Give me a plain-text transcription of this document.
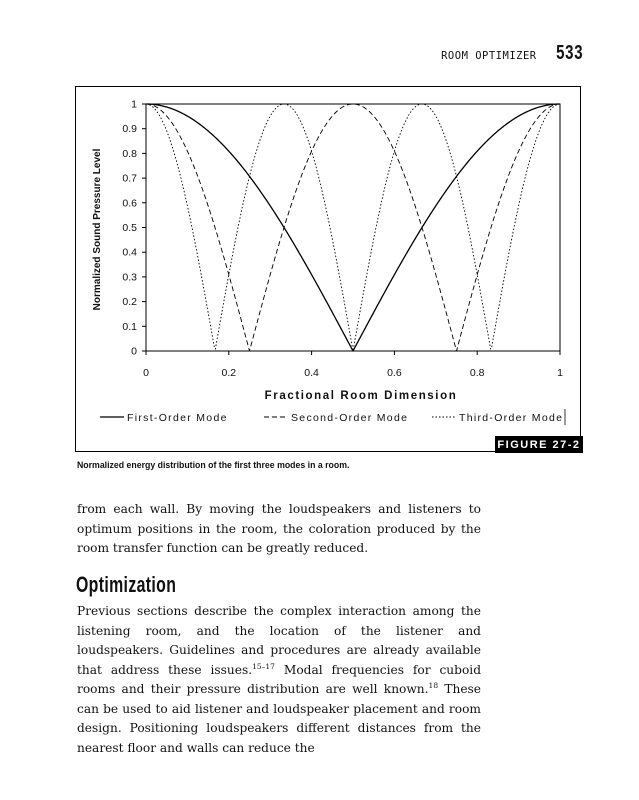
ROOM OPTIMIZER 533
0
0.1
0.2
0.3
0.4
0.5
0.6
0.7
0.8
0.9
1
0	0.2	0.4	0.6	0.8	1
Fractional Room Dimension
Normalized Sound Pressure Level
First-Order Mode	Second-Order Mode	Third-Order Mode
FIGURE 27-2
Normalized energy distribution of the first three modes in a room.

from each wall. By moving the loudspeakers and listeners to optimum positions in the room, the coloration produced by the room transfer function can be greatly reduced.

Optimization

Previous sections describe the complex interaction among the listening room, and the location of the listener and loudspeakers. Guidelines and procedures are already available that address these issues.$^{15-17}$ Modal frequencies for cuboid rooms and their pressure distribution are well known.$^{18}$ These can be used to aid listener and loudspeaker placement and room design. Positioning loudspeakers different distances from the nearest floor and walls can reduce the
